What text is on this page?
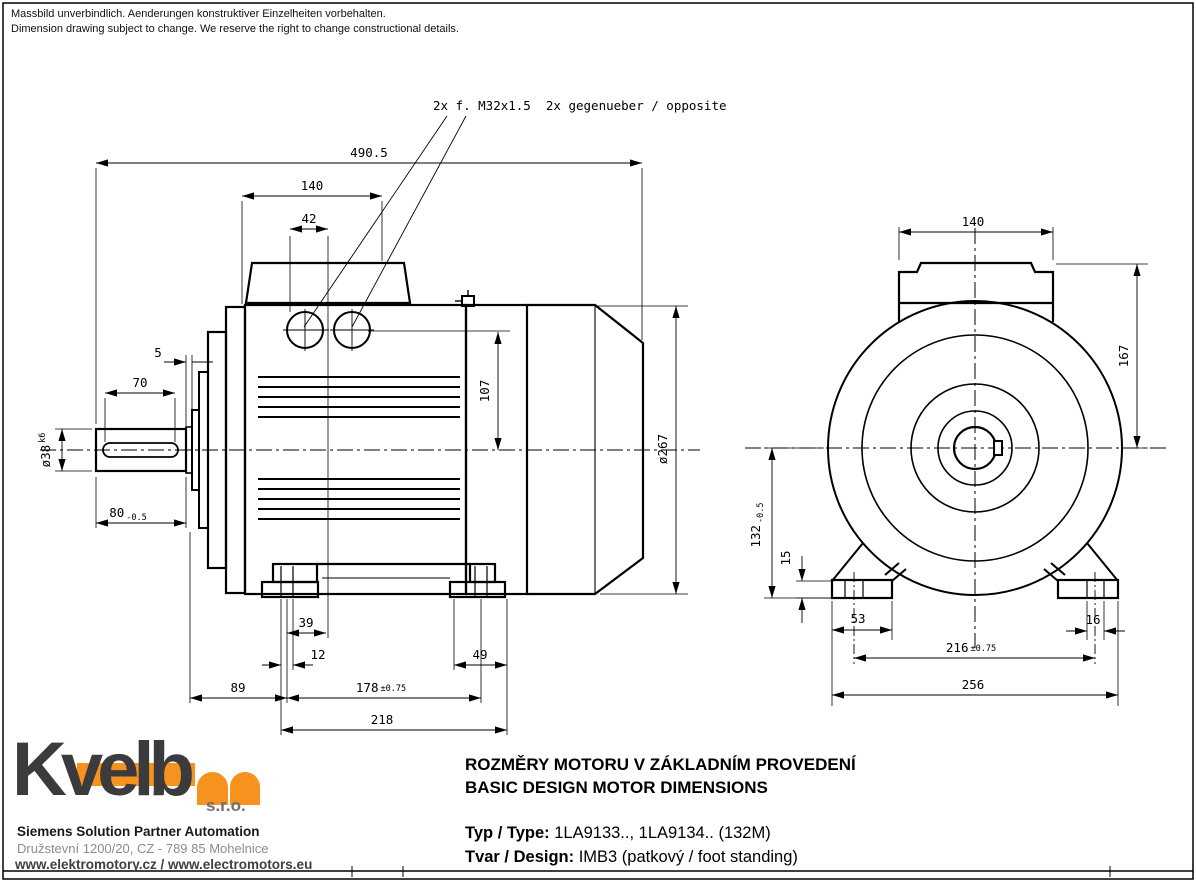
Massbild unverbindlich. Aenderungen konstruktiver Einzelheiten vorbehalten.
Dimension drawing subject to change. We reserve the right to change constructional details.
490.5
140
42
5
70
$ø38^{k6}$
80 $_{-0.5}$
107
ø267
39
12	49
89	178 ±0.75
218
2x f. M32x1.5  2x gegenueber / opposite
140
167
$132_{-0.5}$
15
53	16
216 ±0.75
256
Kvelb s.r.o.
Siemens Solution Partner Automation
Družstevní 1200/20, CZ - 789 85 Mohelnice
www.elektromotory.cz / www.electromotors.eu
ROZMĚRY MOTORU V ZÁKLADNÍM PROVEDENÍ
BASIC DESIGN MOTOR DIMENSIONS
Typ / Type: 1LA9133.., 1LA9134.. (132M)
Tvar / Design: IMB3 (patkový / foot standing)
